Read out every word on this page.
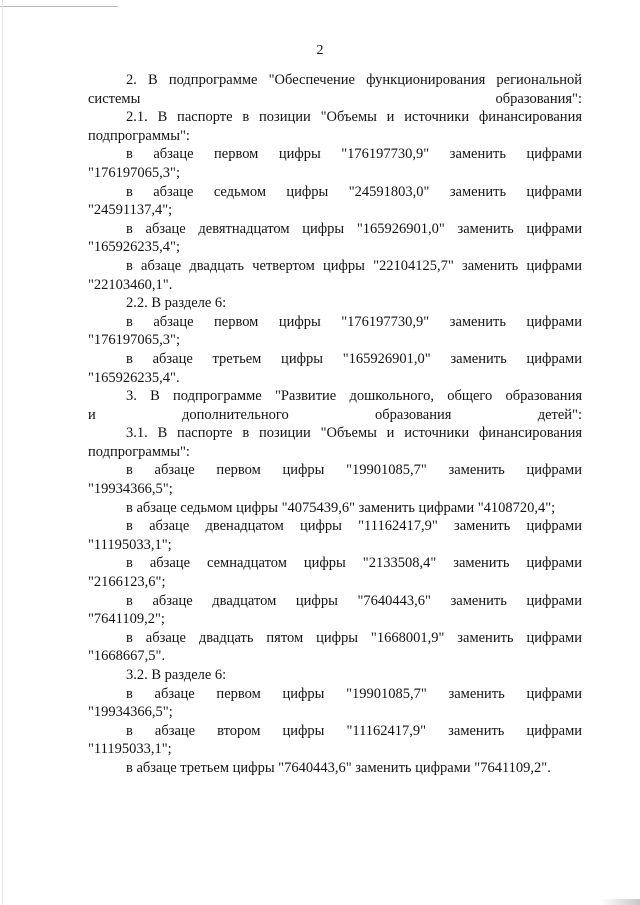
2

2. В подпрограмме "Обеспечение функционирования региональной
системы образования":

2.1. В паспорте в позиции "Объемы и источники финансирования
подпрограммы":

в абзаце первом цифры "176197730,9" заменить цифрами
"176197065,3";

в абзаце седьмом цифры "24591803,0" заменить цифрами
"24591137,4";

в абзаце девятнадцатом цифры "165926901,0" заменить цифрами
"165926235,4";

в абзаце двадцать четвертом цифры "22104125,7" заменить цифрами
"22103460,1".

2.2. В разделе 6:

в абзаце первом цифры "176197730,9" заменить цифрами
"176197065,3";

в абзаце третьем цифры "165926901,0" заменить цифрами
"165926235,4".

3. В подпрограмме "Развитие дошкольного, общего образования
и дополнительного образования детей":

3.1. В паспорте в позиции "Объемы и источники финансирования
подпрограммы":

в абзаце первом цифры "19901085,7" заменить цифрами
"19934366,5";

в абзаце седьмом цифры "4075439,6" заменить цифрами "4108720,4";

в абзаце двенадцатом цифры "11162417,9" заменить цифрами
"11195033,1";

в абзаце семнадцатом цифры "2133508,4" заменить цифрами
"2166123,6";

в абзаце двадцатом цифры "7640443,6" заменить цифрами
"7641109,2";

в абзаце двадцать пятом цифры "1668001,9" заменить цифрами
"1668667,5".

3.2. В разделе 6:

в абзаце первом цифры "19901085,7" заменить цифрами
"19934366,5";

в абзаце втором цифры "11162417,9" заменить цифрами
"11195033,1";

в абзаце третьем цифры "7640443,6" заменить цифрами "7641109,2".
